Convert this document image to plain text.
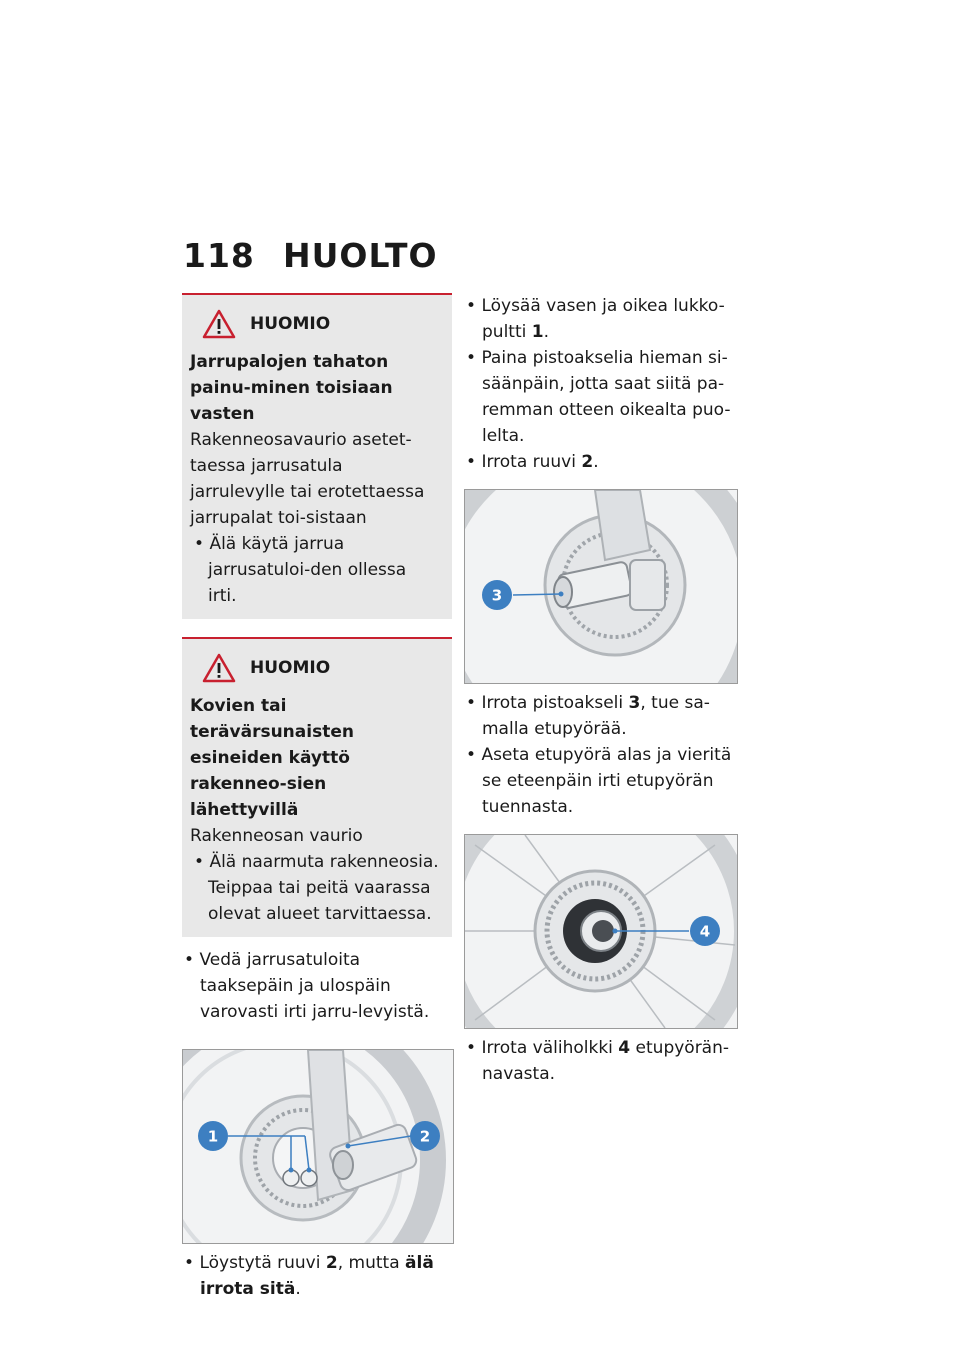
118 HUOLTO
HUOMIO
Jarrupalojen tahaton painu-minen toisiaan vasten
Rakenneosavaurio asetet-taessa jarrusatula jarrulevylle tai erotettaessa jarrupalat toi-sistaan
• Älä käytä jarrua jarrusatuloi-den ollessa irti.
HUOMIO
Kovien tai terävärsunaisten esineiden käyttö rakenneo-sien lähettyvillä
Rakenneosan vaurio
• Älä naarmuta rakenneosia. Teippaa tai peitä vaarassa olevat alueet tarvittaessa.
• Vedä jarrusatuloita taaksepäin ja ulospäin varovasti irti jarru-levyistä.
1	2
• Löystytä ruuvi 2, mutta älä irrota sitä.
• Löysää vasen ja oikea lukko-pultti 1.
• Paina pistoakselia hieman si-säänpäin, jotta saat siitä pa-remman otteen oikealta puo-lelta.
• Irrota ruuvi 2.
3
• Irrota pistoakseli 3, tue sa-malla etupyörää.
• Aseta etupyörä alas ja vieritä se eteenpäin irti etupyörän tuennasta.
4
• Irrota väliholkki 4 etupyörän-navasta.
